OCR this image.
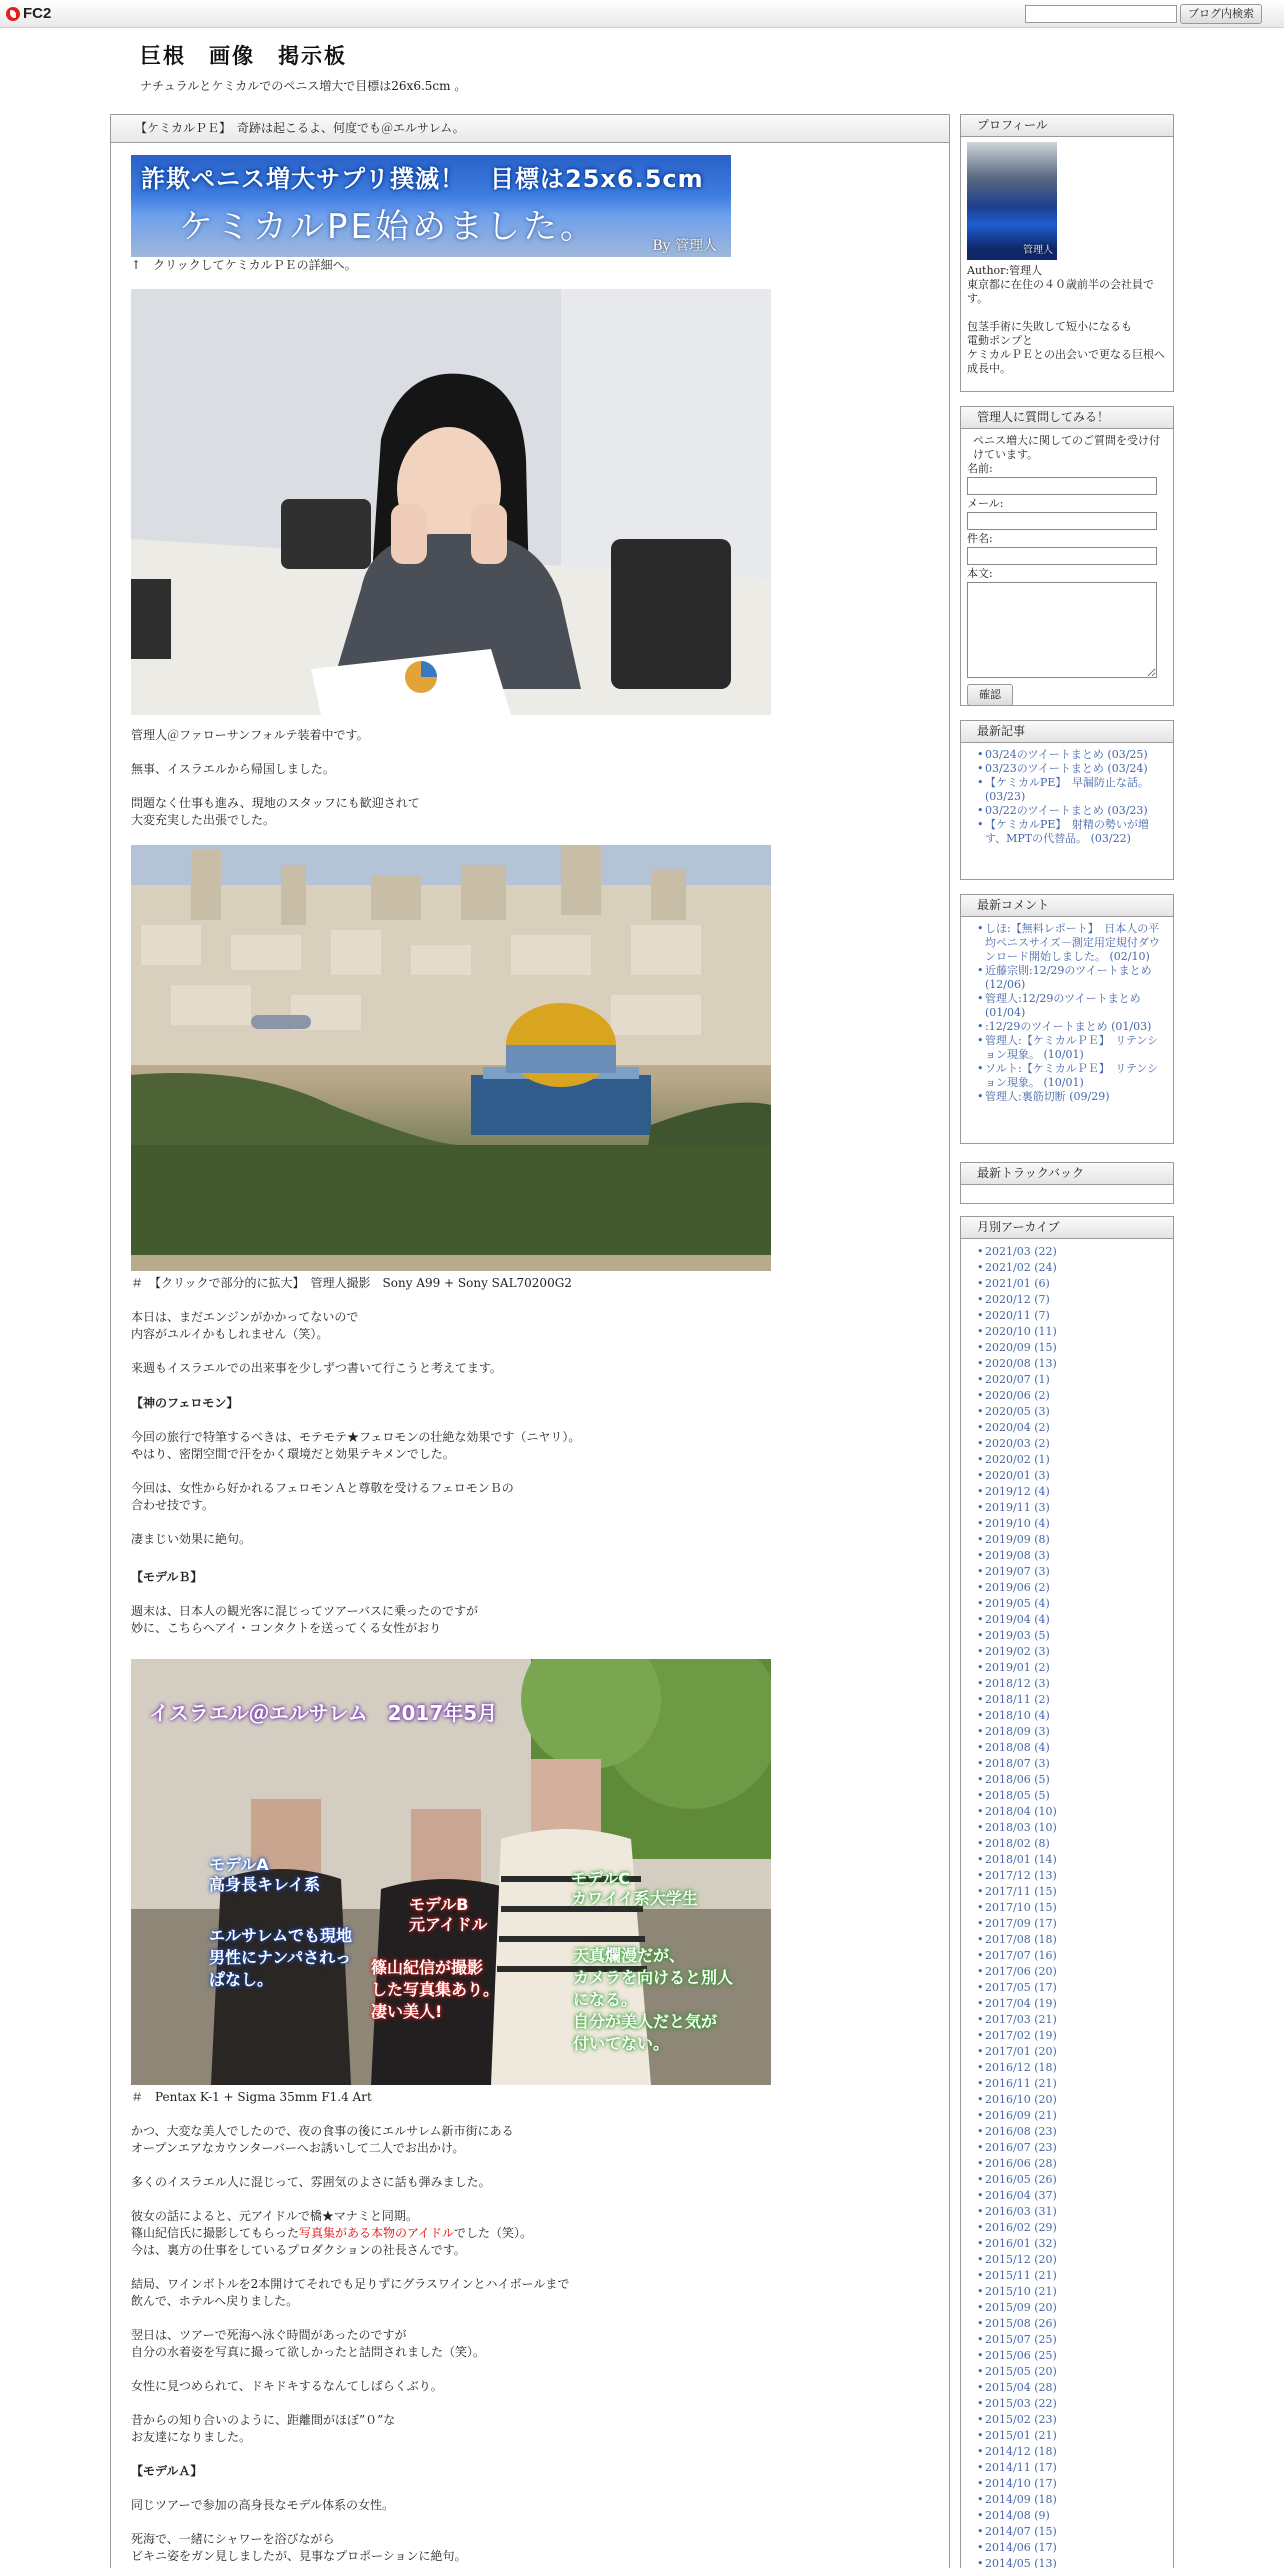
FC2	ブログ内検索
巨根　画像　掲示板
ナチュラルとケミカルでのペニス増大で目標は26x6.5cm 。
【ケミカルＰＥ】　奇跡は起こるよ、何度でも＠エルサレム。
詐欺ペニス増大サプリ撲滅！　目標は25x6.5cm
ケミカルPE始めました。	By 管理人

↑　クリックしてケミカルＰＥの詳細へ。

管理人＠ファローサンフォルテ装着中です。

無事、イスラエルから帰国しました。

問題なく仕事も進み、現地のスタッフにも歓迎されて

大変充実した出張でした。

＃　【クリックで部分的に拡大】　管理人撮影　Sony A99 + Sony SAL70200G2

本日は、まだエンジンがかかってないので

内容がユルイかもしれません（笑）。

来週もイスラエルでの出来事を少しずつ書いて行こうと考えてます。

【神のフェロモン】

今回の旅行で特筆するべきは、モテモテ★フェロモンの壮絶な効果です（ニヤリ）。

やはり、密閉空間で汗をかく環境だと効果テキメンでした。

今回は、女性から好かれるフェロモンＡと尊敬を受けるフェロモンＢの

合わせ技です。

凄まじい効果に絶句。

【モデルＢ】

週末は、日本人の観光客に混じってツアーバスに乗ったのですが

妙に、こちらへアイ・コンタクトを送ってくる女性がおり

イスラエル＠エルサレム　2017年5月
モデルA
高身長キレイ系
エルサレムでも現地
男性にナンパされっ
ぱなし。
モデルB
元アイドル
篠山紀信が撮影
した写真集あり。
凄い美人!
モデルC
カワイイ系大学生
天真爛漫だが、
カメラを向けると別人
になる。
自分が美人だと気が
付いてない。

＃　Pentax K-1 + Sigma 35mm F1.4 Art

かつ、大変な美人でしたので、夜の食事の後にエルサレム新市街にある

オープンエアなカウンターバーへお誘いして二人でお出かけ。

多くのイスラエル人に混じって、雰囲気のよさに話も弾みました。

彼女の話によると、元アイドルで橋★マナミと同期。

篠山紀信氏に撮影してもらった写真集がある本物のアイドルでした（笑）。

今は、裏方の仕事をしているプロダクションの社長さんです。

結局、ワインボトルを2本開けてそれでも足りずにグラスワインとハイボールまで

飲んで、ホテルへ戻りました。

翌日は、ツアーで死海へ泳ぐ時間があったのですが

自分の水着姿を写真に撮って欲しかったと詰問されました（笑）。

女性に見つめられて、ドキドキするなんてしばらくぶり。

昔からの知り合いのように、距離間がほぼ”０”な

お友達になりました。

【モデルＡ】

同じツアーで参加の高身長なモデル体系の女性。

死海で、一緒にシャワーを浴びながら

ビキニ姿をガン見しましたが、見事なプロポーションに絶句。

プロフィール
管理人
Author:管理人
東京都に在住の４０歳前半の会社員です。
包茎手術に失敗して短小になるも
電動ポンプと
ケミカルＰＥとの出会いで更なる巨根へ
成長中。
管理人に質問してみる！
ペニス増大に関してのご質問を受け付けています。
名前:
メール:
件名:
本文:
確認
最新記事
• 03/24のツイートまとめ (03/25)
• 03/23のツイートまとめ (03/24)
• 【ケミカルPE】　早漏防止な話。 (03/23)
• 03/22のツイートまとめ (03/23)
• 【ケミカルPE】　射精の勢いが増す、MPTの代替品。 (03/22)
最新コメント
• しほ:【無料レポート】　日本人の平均ペニスサイズ－測定用定規付ダウンロード開始しました。 (02/10)
• 近藤宗則:12/29のツイートまとめ (12/06)
• 管理人:12/29のツイートまとめ (01/04)
• :12/29のツイートまとめ (01/03)
• 管理人:【ケミカルＰＥ】　リテンション現象。 (10/01)
• ソルト:【ケミカルＰＥ】　リテンション現象。 (10/01)
• 管理人:裏筋切断 (09/29)
最新トラックバック
月別アーカイブ
• 2021/03 (22)
• 2021/02 (24)
• 2021/01 (6)
• 2020/12 (7)
• 2020/11 (7)
• 2020/10 (11)
• 2020/09 (15)
• 2020/08 (13)
• 2020/07 (1)
• 2020/06 (2)
• 2020/05 (3)
• 2020/04 (2)
• 2020/03 (2)
• 2020/02 (1)
• 2020/01 (3)
• 2019/12 (4)
• 2019/11 (3)
• 2019/10 (4)
• 2019/09 (8)
• 2019/08 (3)
• 2019/07 (3)
• 2019/06 (2)
• 2019/05 (4)
• 2019/04 (4)
• 2019/03 (5)
• 2019/02 (3)
• 2019/01 (2)
• 2018/12 (3)
• 2018/11 (2)
• 2018/10 (4)
• 2018/09 (3)
• 2018/08 (4)
• 2018/07 (3)
• 2018/06 (5)
• 2018/05 (5)
• 2018/04 (10)
• 2018/03 (10)
• 2018/02 (8)
• 2018/01 (14)
• 2017/12 (13)
• 2017/11 (15)
• 2017/10 (15)
• 2017/09 (17)
• 2017/08 (18)
• 2017/07 (16)
• 2017/06 (20)
• 2017/05 (17)
• 2017/04 (19)
• 2017/03 (21)
• 2017/02 (19)
• 2017/01 (20)
• 2016/12 (18)
• 2016/11 (21)
• 2016/10 (20)
• 2016/09 (21)
• 2016/08 (23)
• 2016/07 (23)
• 2016/06 (28)
• 2016/05 (26)
• 2016/04 (37)
• 2016/03 (31)
• 2016/02 (29)
• 2016/01 (32)
• 2015/12 (20)
• 2015/11 (21)
• 2015/10 (21)
• 2015/09 (20)
• 2015/08 (26)
• 2015/07 (25)
• 2015/06 (25)
• 2015/05 (20)
• 2015/04 (28)
• 2015/03 (22)
• 2015/02 (23)
• 2015/01 (21)
• 2014/12 (18)
• 2014/11 (17)
• 2014/10 (17)
• 2014/09 (18)
• 2014/08 (9)
• 2014/07 (15)
• 2014/06 (17)
• 2014/05 (13)
